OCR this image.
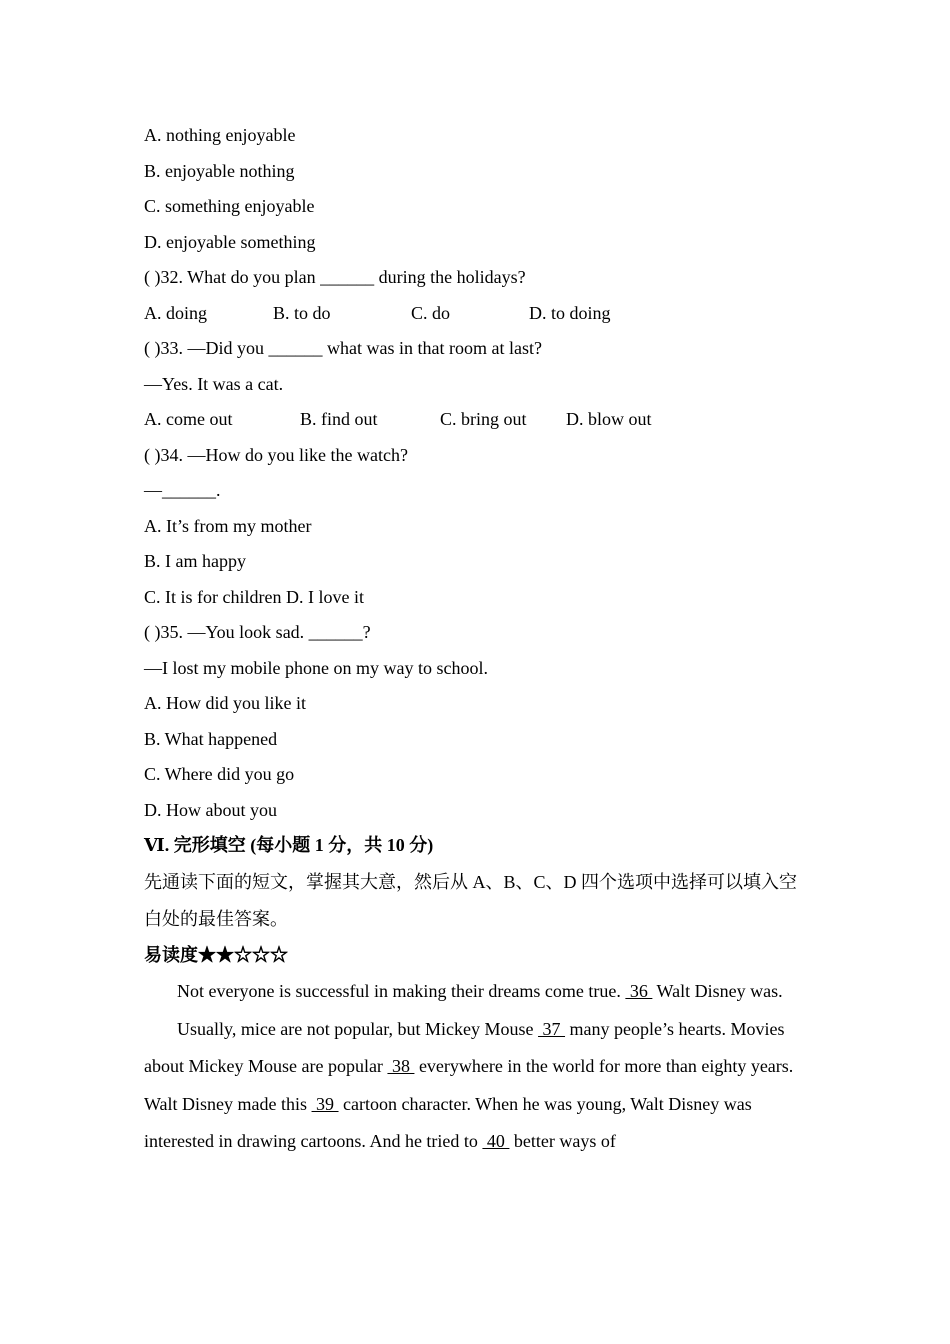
A. nothing enjoyable
B. enjoyable nothing
C. something enjoyable
D. enjoyable something
( )32. What do you plan ______ during the holidays?
A. doing	B. to do	C. do	D. to doing
( )33. —Did you ______ what was in that room at last?
—Yes. It was a cat.
A. come out	B. find out	C. bring out	D. blow out
( )34. —How do you like the watch?
—______.
A. It’s from my mother
B. I am happy
C. It is for children D. I love it
( )35. —You look sad. ______?
—I lost my mobile phone on my way to school.
A. How did you like it
B. What happened
C. Where did you go
D. How about you
Ⅵ. 完形填空 (每小题 1 分，共 10 分)
先通读下面的短文，掌握其大意，然后从 A、B、C、D 四个选项中选择可以填入空白处的最佳答案。
易读度★★☆☆☆
Not everyone is successful in making their dreams come true.  36  Walt Disney was.
Usually, mice are not popular, but Mickey Mouse  37  many people’s hearts. Movies about Mickey Mouse are popular  38  everywhere in the world for more than eighty years. Walt Disney made this  39  cartoon character. When he was young, Walt Disney was interested in drawing cartoons. And he tried to  40  better ways of
